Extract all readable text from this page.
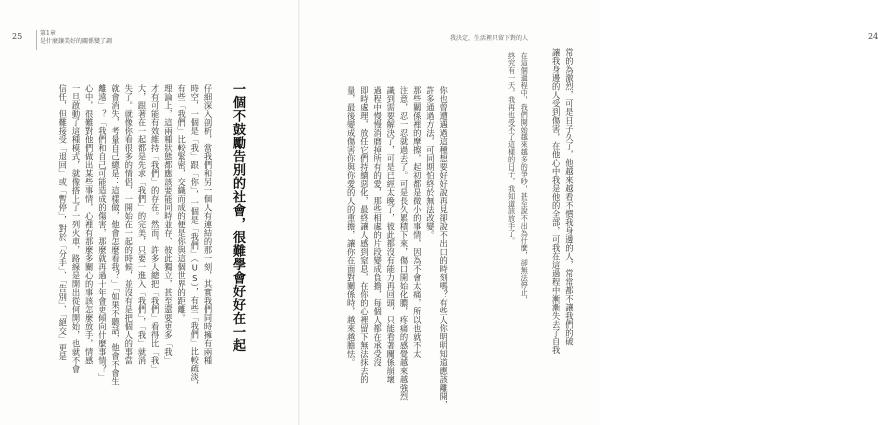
25	第1章
是什麼讓美好的關係變了調
一個不鼓勵告別的社會，很難學會好好在一起
仔細深入剖析，當我們和另一個人有連結的那一刻，其實我們同時擁有兩種
時空，一個是「我」跟「你」，一個是「我們」（US），有些「我們」比較疏淡，
有些「我們」比較緊密，交織而成的便是你與這個世界的距離。
理論上，這兩種狀態都應該要能同時並存、彼此獨立，甚至還要更多「我」
才有可能有效維持「我們」的存在。然而，許多人總把「我們」看得比「我」
大，跟著在一起都是先求「我們」的完美，只要一進入「我們」，「我」就消
失了。就像你看很多的情侶，一開始在一起的時候，並沒有是把個人的事當
就會消失，考量自己總是：這樣做，他會怎麼看我？」「如果不聽話，他會不會生
離遠」？「我們和自己可能造成的傷害，那麼就再過十年會更傾向什麼事情？」
心中，很難對他們做出某些事情，心裡有那麼多關心的事該怎麼放手，情感
一旦啟動了這種模式，就像搭上了一列火車，路線是開出從何開始，也就不會
信任，但難接受「退回」或「暫停」，對於「分手」、「告別」、「絕交」更是
我決定，生活裡只留下對的人	24
常的為激烈，可是日子久了，他越來越看不慣我身邊的人，常常都不讓我們的破
讓我身邊的人受到傷害，在他心中我是他的全部，可我在這過程中漸漸失去了自我
在這個過程中，我們開始越來越多的爭吵，甚至說不出為什麼，卻無法停止，
終究有一天，我再也受不了這樣的日子，我知道該放手了。
你也曾遭遇過這種想要好好說再見卻說不出口的時刻嗎？有些人你明明知道應該離開，
許多通過方法，可同期怕終於無法改變。
那些關係裡的摩擦，起初都是微小的事情，因為不會太痛，所以也就不太
注意，忍一忍就過去了。可是長久累積下來，傷口開始化膿，疼痛的感覺越來越強烈
識到需要解決了，可是已經太晚了，彼此都沒有能力再回頭，只能看著關係崩壞
過程中慢慢消磨掉所有的愛，那些相處的片段變成負擔，每個人都在承受沒
即時處理，放任它們持續惡化，最終讓人感到窒息，在你的心裡留下無法抹去的
量，最後變成傷害你與你愛的人的重擔，讓你在面對關係時，越來越膽怯。
